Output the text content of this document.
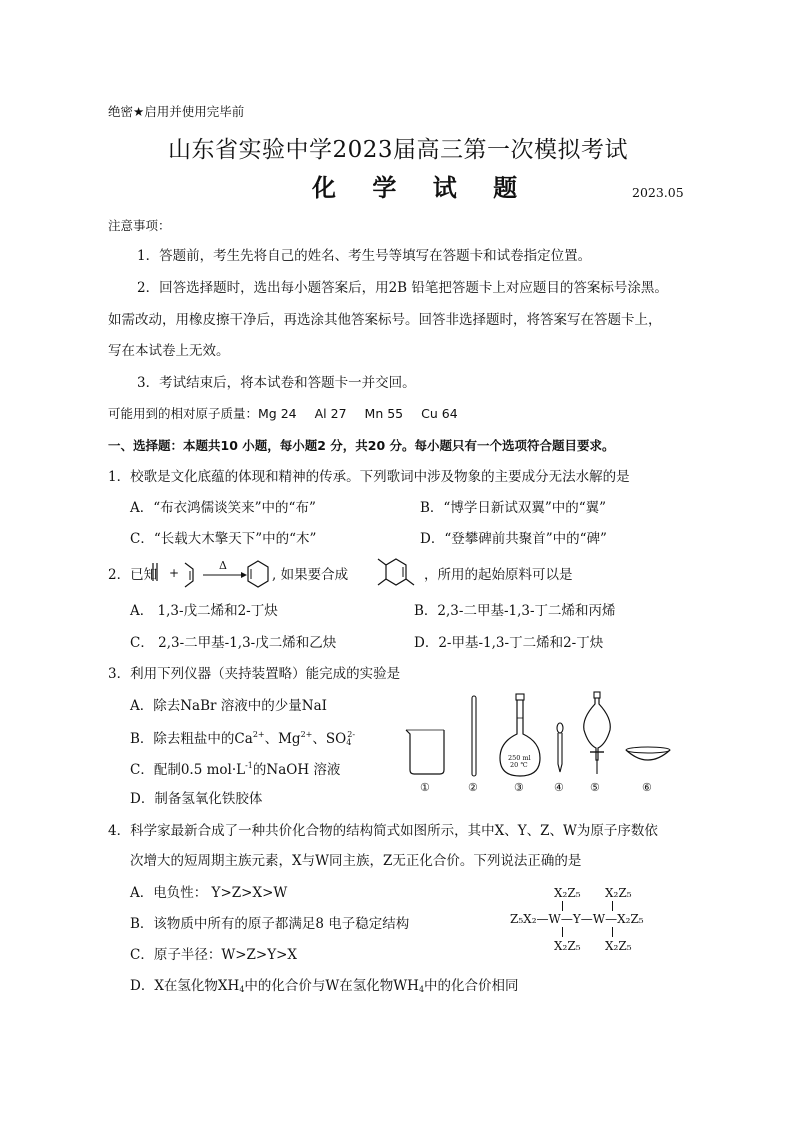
绝密★启用并使用完毕前
山东省实验中学2023届高三第一次模拟考试
化 学 试 题	2023.05
注意事项：
1．答题前，考生先将自己的姓名、考生号等填写在答题卡和试卷指定位置。
2．回答选择题时，选出每小题答案后，用2B 铅笔把答题卡上对应题目的答案标号涂黑。
如需改动，用橡皮擦干净后，再选涂其他答案标号。回答非选择题时，将答案写在答题卡上，
写在本试卷上无效。
3．考试结束后，将本试卷和答题卡一并交回。
可能用到的相对原子质量：Mg 24 Al 27 Mn 55 Cu 64
一、选择题：本题共10 小题，每小题2 分，共20 分。每小题只有一个选项符合题目要求。
1．校歌是文化底蕴的体现和精神的传承。下列歌词中涉及物象的主要成分无法水解的是
A．“布衣鸿儒谈笑来”中的“布”	B．“博学日新试双翼”中的“翼”
C．“长载大木擎天下”中的“木”	D．“登攀碑前共聚首”中的“碑”
2．已知 +
Δ
, 如果要合成	，所用的起始原料可以是
A． 1,3-戊二烯和2-丁炔	B．2,3-二甲基-1,3-丁二烯和丙烯
C． 2,3-二甲基-1,3-戊二烯和乙炔	D．2-甲基-1,3-丁二烯和2-丁炔
3．利用下列仪器（夹持装置略）能完成的实验是
A．除去NaBr 溶液中的少量NaI
B．除去粗盐中的$Ca^{2+}$、$Mg^{2+}$、$SO_4^{2-}$
C．配制0.5 $mol\cdot L^{-1}$的NaOH 溶液
D．制备氢氧化铁胶体
250 ml
20 ℃
①	②	③	④ ⑤	⑥
4．科学家最新合成了一种共价化合物的结构简式如图所示，其中X、Y、Z、W为原子序数依
次增大的短周期主族元素，X与W同主族，Z无正化合价。下列说法正确的是
A．电负性： Y>Z>X>W
B．该物质中所有的原子都满足8 电子稳定结构
C．原子半径：W>Z>Y>X
D．X在氢化物$XH_4$中的化合价与W在氢化物$WH_4$中的化合价相同
X₂Z₅ X₂Z₅
Z₅X₂—W—Y—W—X₂Z₅
X₂Z₅ X₂Z₅
